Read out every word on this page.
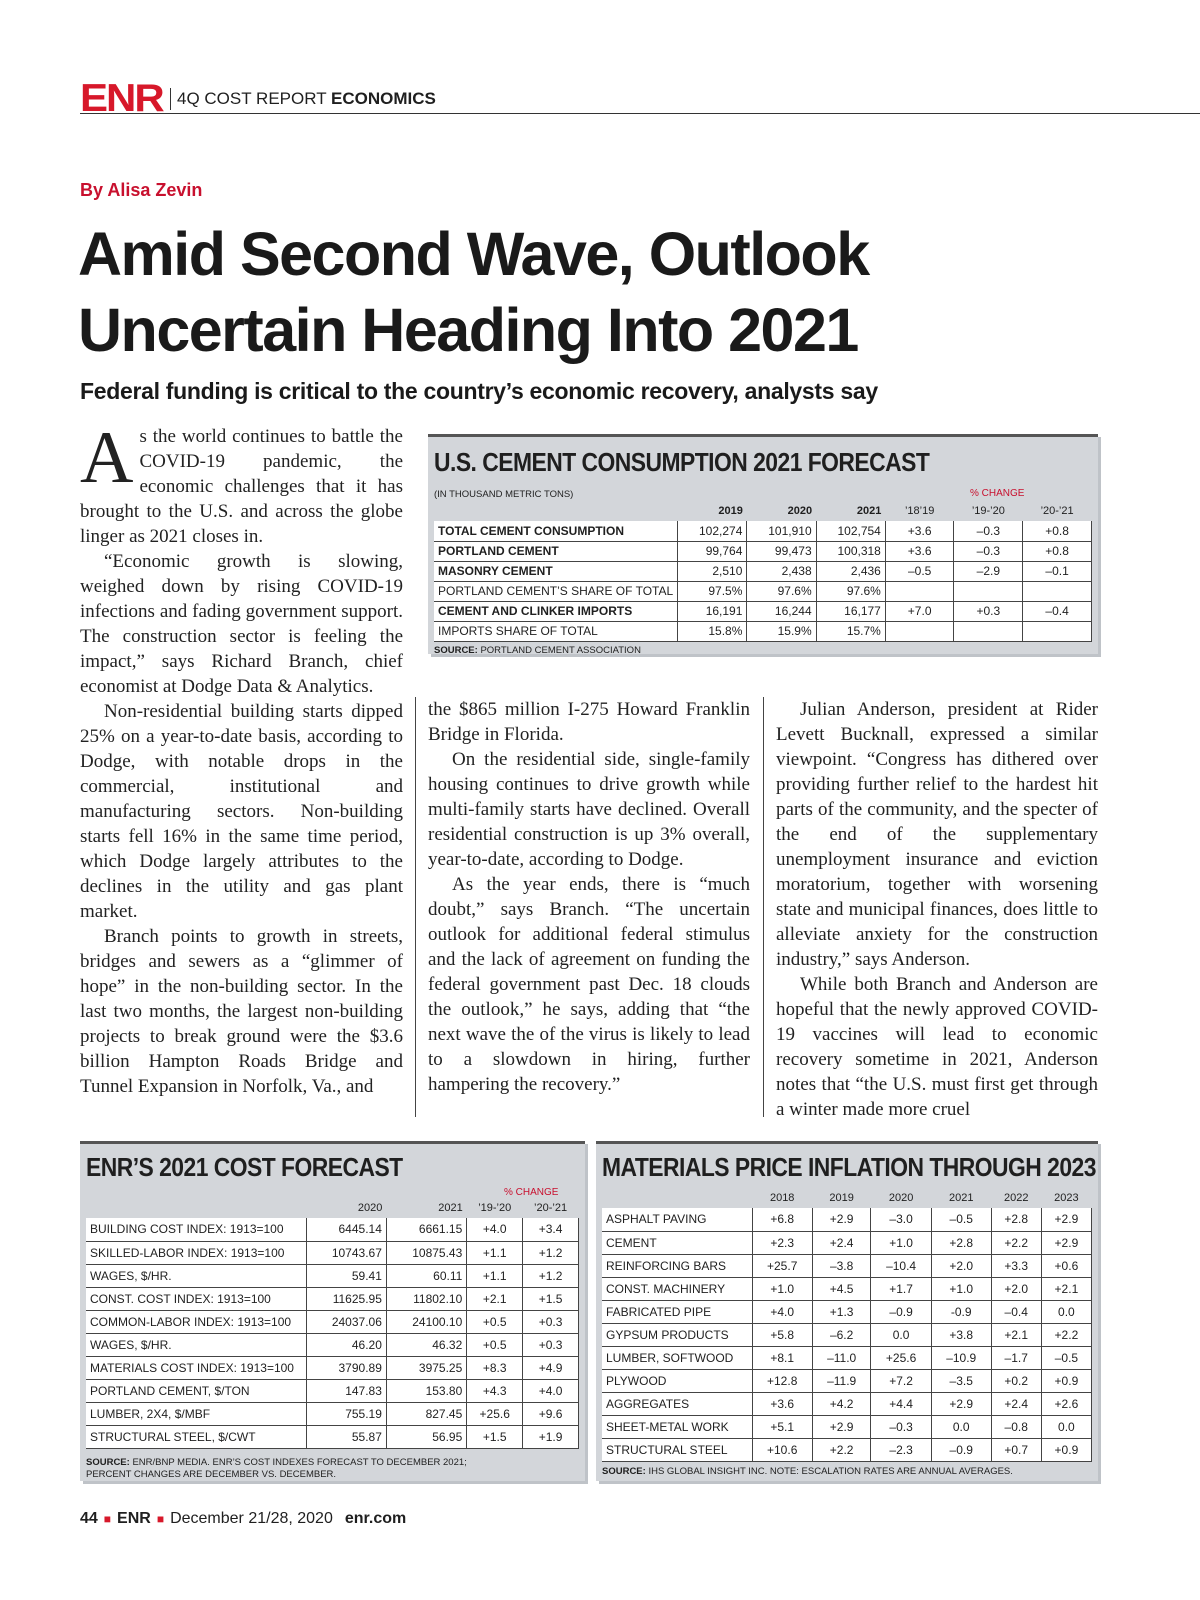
ENR 4Q COST REPORT ECONOMICS
By Alisa Zevin
Amid Second Wave, Outlook
Uncertain Heading Into 2021
Federal funding is critical to the country’s economic recovery, analysts say

As the world continues to battle the COVID-19 pandemic, the economic challenges that it has brought to the U.S. and across the globe linger as 2021 closes in.

“Economic growth is slowing, weighed down by rising COVID-19 infections and fading government support. The construction sector is feeling the impact,” says Richard Branch, chief economist at Dodge Data & Analytics.

Non-residential building starts dipped 25% on a year-to-date basis, according to Dodge, with notable drops in the commercial, institutional and manufacturing sectors. Non-building starts fell 16% in the same time period, which Dodge largely attributes to the declines in the utility and gas plant market.

Branch points to growth in streets, bridges and sewers as a “glimmer of hope” in the non-building sector. In the last two months, the largest non-building projects to break ground were the $3.6 billion Hampton Roads Bridge and Tunnel Expansion in Norfolk, Va., and

the $865 million I-275 Howard Franklin Bridge in Florida.

On the residential side, single-family housing continues to drive growth while multi-family starts have declined. Overall residential construction is up 3% overall, year-to-date, according to Dodge.

As the year ends, there is “much doubt,” says Branch. “The uncertain outlook for additional federal stimulus and the lack of agreement on funding the federal government past Dec. 18 clouds the outlook,” he says, adding that “the next wave the of the virus is likely to lead to a slowdown in hiring, further hampering the recovery.”

Julian Anderson, president at Rider Levett Bucknall, expressed a similar viewpoint. “Congress has dithered over providing further relief to the hardest hit parts of the community, and the specter of the end of the supplementary unemployment insurance and eviction moratorium, together with worsening state and municipal finances, does little to alleviate anxiety for the construction industry,” says Anderson.

While both Branch and Anderson are hopeful that the newly approved COVID-19 vaccines will lead to economic recovery sometime in 2021, Anderson notes that “the U.S. must first get through a winter made more cruel

U.S. CEMENT CONSUMPTION 2021 FORECAST
(IN THOUSAND METRIC TONS)	% CHANGE
	2019	2020	2021	’18’19	’19-’20	’20-’21
TOTAL CEMENT CONSUMPTION	102,274	101,910	102,754	+3.6	–0.3	+0.8
PORTLAND CEMENT	99,764	99,473	100,318	+3.6	–0.3	+0.8
MASONRY CEMENT	2,510	2,438	2,436	–0.5	–2.9	–0.1
PORTLAND CEMENT’S SHARE OF TOTAL	97.5%	97.6%	97.6%			
CEMENT AND CLINKER IMPORTS	16,191	16,244	16,177	+7.0	+0.3	–0.4
IMPORTS SHARE OF TOTAL	15.8%	15.9%	15.7%			
SOURCE: PORTLAND CEMENT ASSOCIATION
ENR’S 2021 COST FORECAST
% CHANGE
	2020	2021	’19-’20	’20-’21
BUILDING COST INDEX: 1913=100	6445.14	6661.15	+4.0	+3.4
SKILLED-LABOR INDEX: 1913=100	10743.67	10875.43	+1.1	+1.2
WAGES, $/HR.	59.41	60.11	+1.1	+1.2
CONST. COST INDEX: 1913=100	11625.95	11802.10	+2.1	+1.5
COMMON-LABOR INDEX: 1913=100	24037.06	24100.10	+0.5	+0.3
WAGES, $/HR.	46.20	46.32	+0.5	+0.3
MATERIALS COST INDEX: 1913=100	3790.89	3975.25	+8.3	+4.9
PORTLAND CEMENT, $/TON	147.83	153.80	+4.3	+4.0
LUMBER, 2X4, $/MBF	755.19	827.45	+25.6	+9.6
STRUCTURAL STEEL, $/CWT	55.87	56.95	+1.5	+1.9
SOURCE: ENR/BNP MEDIA. ENR’S COST INDEXES FORECAST TO DECEMBER 2021;
PERCENT CHANGES ARE DECEMBER VS. DECEMBER.
MATERIALS PRICE INFLATION THROUGH 2023
	2018	2019	2020	2021	2022	2023
ASPHALT PAVING	+6.8	+2.9	–3.0	–0.5	+2.8	+2.9
CEMENT	+2.3	+2.4	+1.0	+2.8	+2.2	+2.9
REINFORCING BARS	+25.7	–3.8	–10.4	+2.0	+3.3	+0.6
CONST. MACHINERY	+1.0	+4.5	+1.7	+1.0	+2.0	+2.1
FABRICATED PIPE	+4.0	+1.3	–0.9	-0.9	–0.4	0.0
GYPSUM PRODUCTS	+5.8	–6.2	0.0	+3.8	+2.1	+2.2
LUMBER, SOFTWOOD	+8.1	–11.0	+25.6	–10.9	–1.7	–0.5
PLYWOOD	+12.8	–11.9	+7.2	–3.5	+0.2	+0.9
AGGREGATES	+3.6	+4.2	+4.4	+2.9	+2.4	+2.6
SHEET-METAL WORK	+5.1	+2.9	–0.3	0.0	–0.8	0.0
STRUCTURAL STEEL	+10.6	+2.2	–2.3	–0.9	+0.7	+0.9
SOURCE: IHS GLOBAL INSIGHT INC. NOTE: ESCALATION RATES ARE ANNUAL AVERAGES.
44 ■ ENR ■ December 21/28, 2020 enr.com
